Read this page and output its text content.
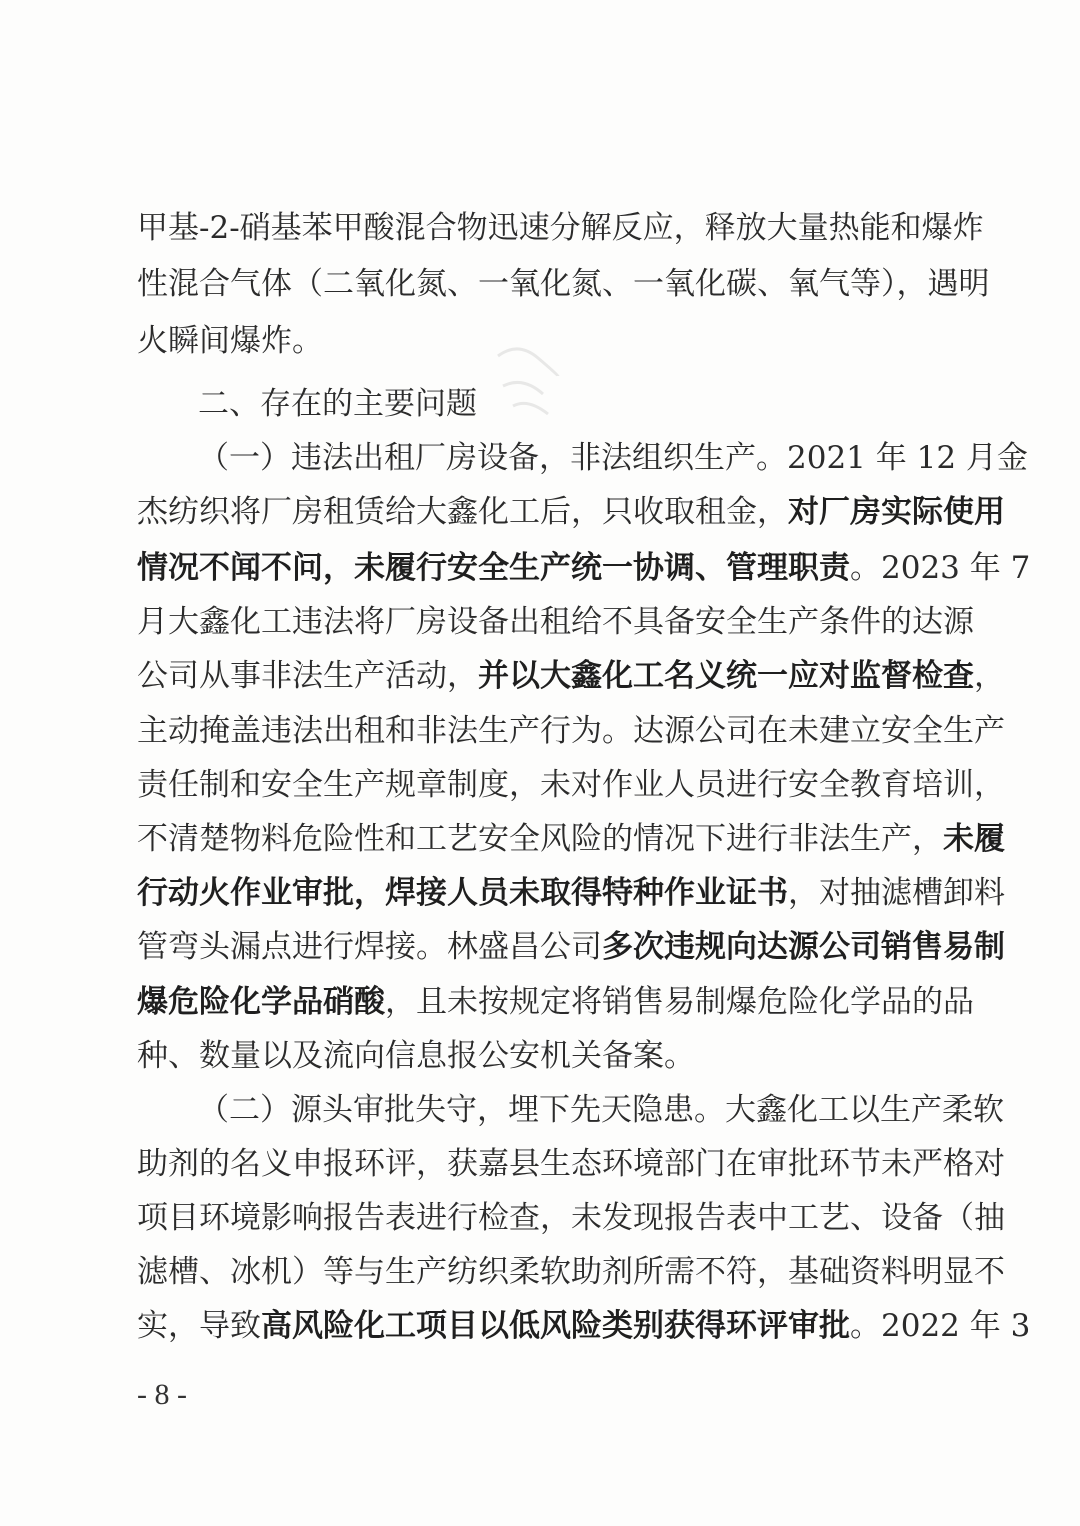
甲基-2-硝基苯甲酸混合物迅速分解反应，释放大量热能和爆炸
性混合气体（二氧化氮、一氧化氮、一氧化碳、氧气等），遇明
火瞬间爆炸。
二、存在的主要问题
（一）违法出租厂房设备，非法组织生产。2021 年 12 月金
杰纺织将厂房租赁给大鑫化工后，只收取租金，对厂房实际使用
情况不闻不问，未履行安全生产统一协调、管理职责。2023 年 7
月大鑫化工违法将厂房设备出租给不具备安全生产条件的达源
公司从事非法生产活动，并以大鑫化工名义统一应对监督检查，
主动掩盖违法出租和非法生产行为。达源公司在未建立安全生产
责任制和安全生产规章制度，未对作业人员进行安全教育培训，
不清楚物料危险性和工艺安全风险的情况下进行非法生产，未履
行动火作业审批，焊接人员未取得特种作业证书，对抽滤槽卸料
管弯头漏点进行焊接。林盛昌公司多次违规向达源公司销售易制
爆危险化学品硝酸，且未按规定将销售易制爆危险化学品的品
种、数量以及流向信息报公安机关备案。
（二）源头审批失守，埋下先天隐患。大鑫化工以生产柔软
助剂的名义申报环评，获嘉县生态环境部门在审批环节未严格对
项目环境影响报告表进行检查，未发现报告表中工艺、设备（抽
滤槽、冰机）等与生产纺织柔软助剂所需不符，基础资料明显不
实，导致高风险化工项目以低风险类别获得环评审批。2022 年 3
- 8 -
